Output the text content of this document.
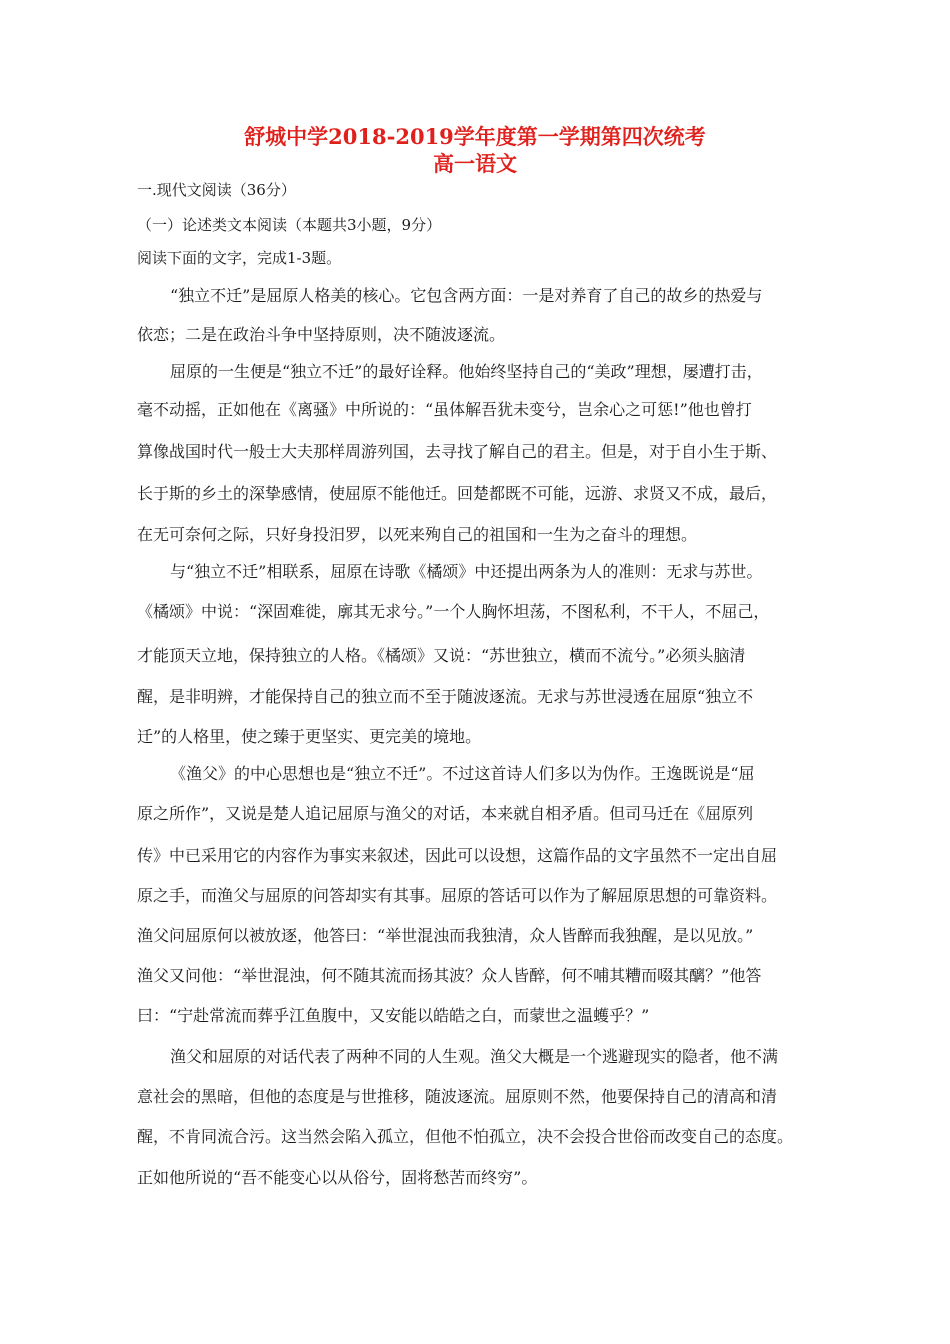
舒城中学2018-2019学年度第一学期第四次统考
高一语文

一.现代文阅读（36分）

（一）论述类文本阅读（本题共3小题，9分）

阅读下面的文字，完成1-3题。

“独立不迁”是屈原人格美的核心。它包含两方面：一是对养育了自己的故乡的热爱与

依恋；二是在政治斗争中坚持原则，决不随波逐流。

屈原的一生便是“独立不迁”的最好诠释。他始终坚持自己的“美政”理想，屡遭打击，

毫不动摇，正如他在《离骚》中所说的：“虽体解吾犹未变兮，岂余心之可惩!”他也曾打

算像战国时代一般士大夫那样周游列国，去寻找了解自己的君主。但是，对于自小生于斯、

长于斯的乡土的深挚感情，使屈原不能他迁。回楚都既不可能，远游、求贤又不成，最后，

在无可奈何之际，只好身投汨罗，以死来殉自己的祖国和一生为之奋斗的理想。

与“独立不迁”相联系，屈原在诗歌《橘颂》中还提出两条为人的准则：无求与苏世。

《橘颂》中说：“深固难徙，廓其无求兮。”一个人胸怀坦荡，不图私利，不干人，不屈己，

才能顶天立地，保持独立的人格。《橘颂》又说：“苏世独立，横而不流兮。”必须头脑清

醒，是非明辨，才能保持自己的独立而不至于随波逐流。无求与苏世浸透在屈原“独立不

迁”的人格里，使之臻于更坚实、更完美的境地。

《渔父》的中心思想也是“独立不迁”。不过这首诗人们多以为伪作。王逸既说是“屈

原之所作”，又说是楚人追记屈原与渔父的对话，本来就自相矛盾。但司马迁在《屈原列

传》中已采用它的内容作为事实来叙述，因此可以设想，这篇作品的文字虽然不一定出自屈

原之手，而渔父与屈原的问答却实有其事。屈原的答话可以作为了解屈原思想的可靠资料。

渔父问屈原何以被放逐，他答曰：“举世混浊而我独清，众人皆醉而我独醒，是以见放。”

渔父又问他：“举世混浊，何不随其流而扬其波？众人皆醉，何不哺其糟而啜其醨？”他答

曰：“宁赴常流而葬乎江鱼腹中，又安能以皓皓之白，而蒙世之温蠖乎？”

渔父和屈原的对话代表了两种不同的人生观。渔父大概是一个逃避现实的隐者，他不满

意社会的黑暗，但他的态度是与世推移，随波逐流。屈原则不然，他要保持自己的清高和清

醒，不肯同流合污。这当然会陷入孤立，但他不怕孤立，决不会投合世俗而改变自己的态度。

正如他所说的“吾不能变心以从俗兮，固将愁苦而终穷”。
